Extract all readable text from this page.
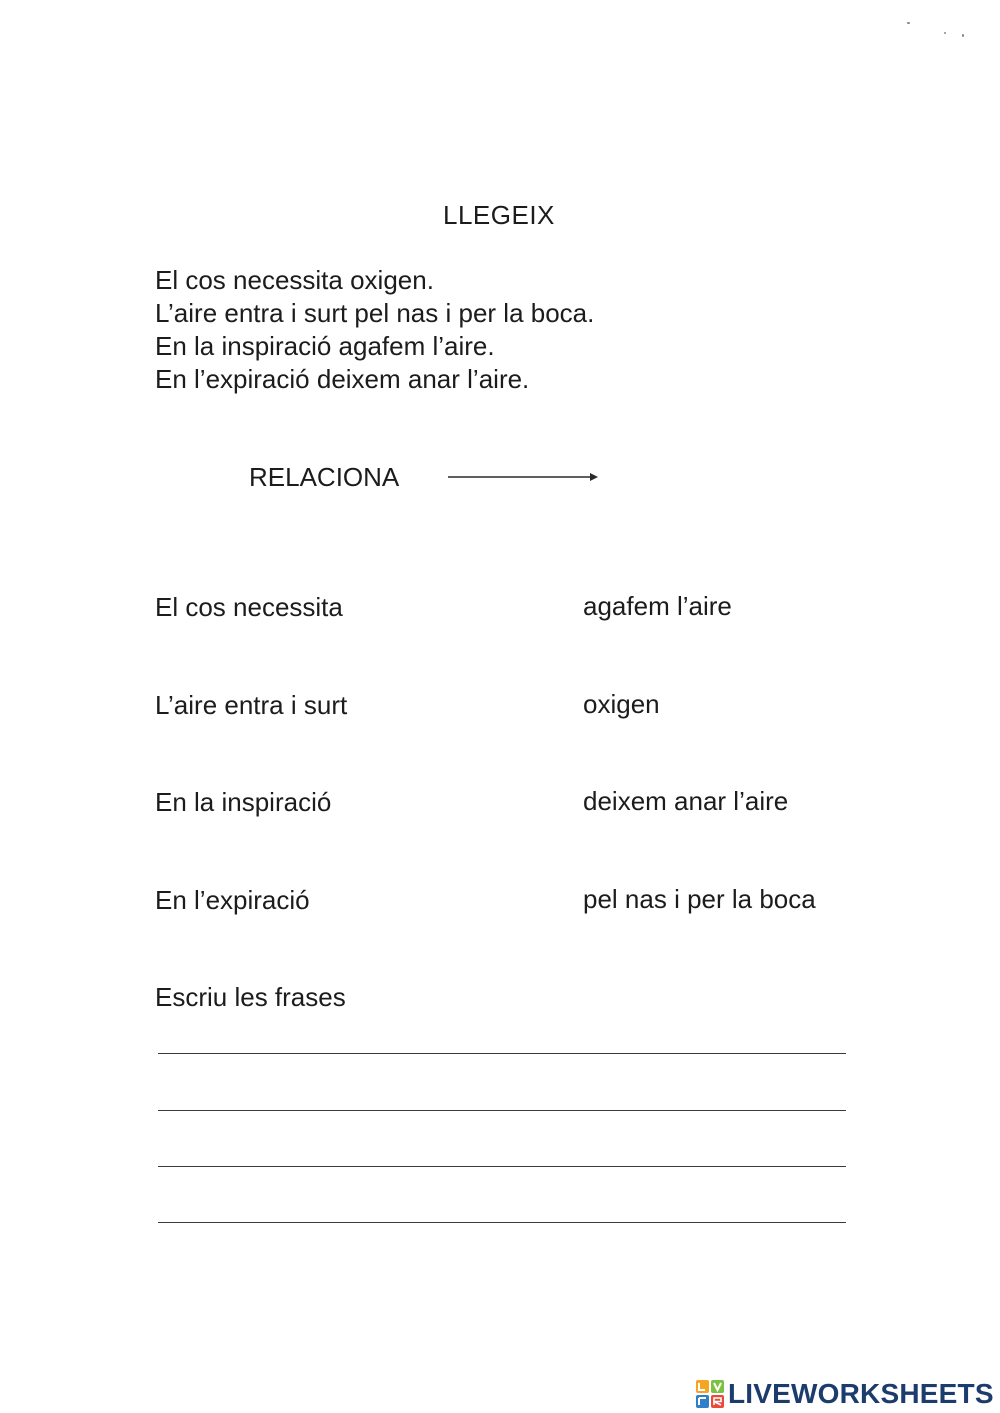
LLEGEIX
El cos necessita oxigen.
L’aire entra i surt pel nas i per la boca.
En la inspiració agafem l’aire.
En l’expiració deixem anar l’aire.
RELACIONA
El cos necessita	agafem l’aire
L’aire entra i surt	oxigen
En la inspiració	deixem anar l’aire
En l’expiració	pel nas i per la boca
Escriu les frases
LIVEWORKSHEETS
